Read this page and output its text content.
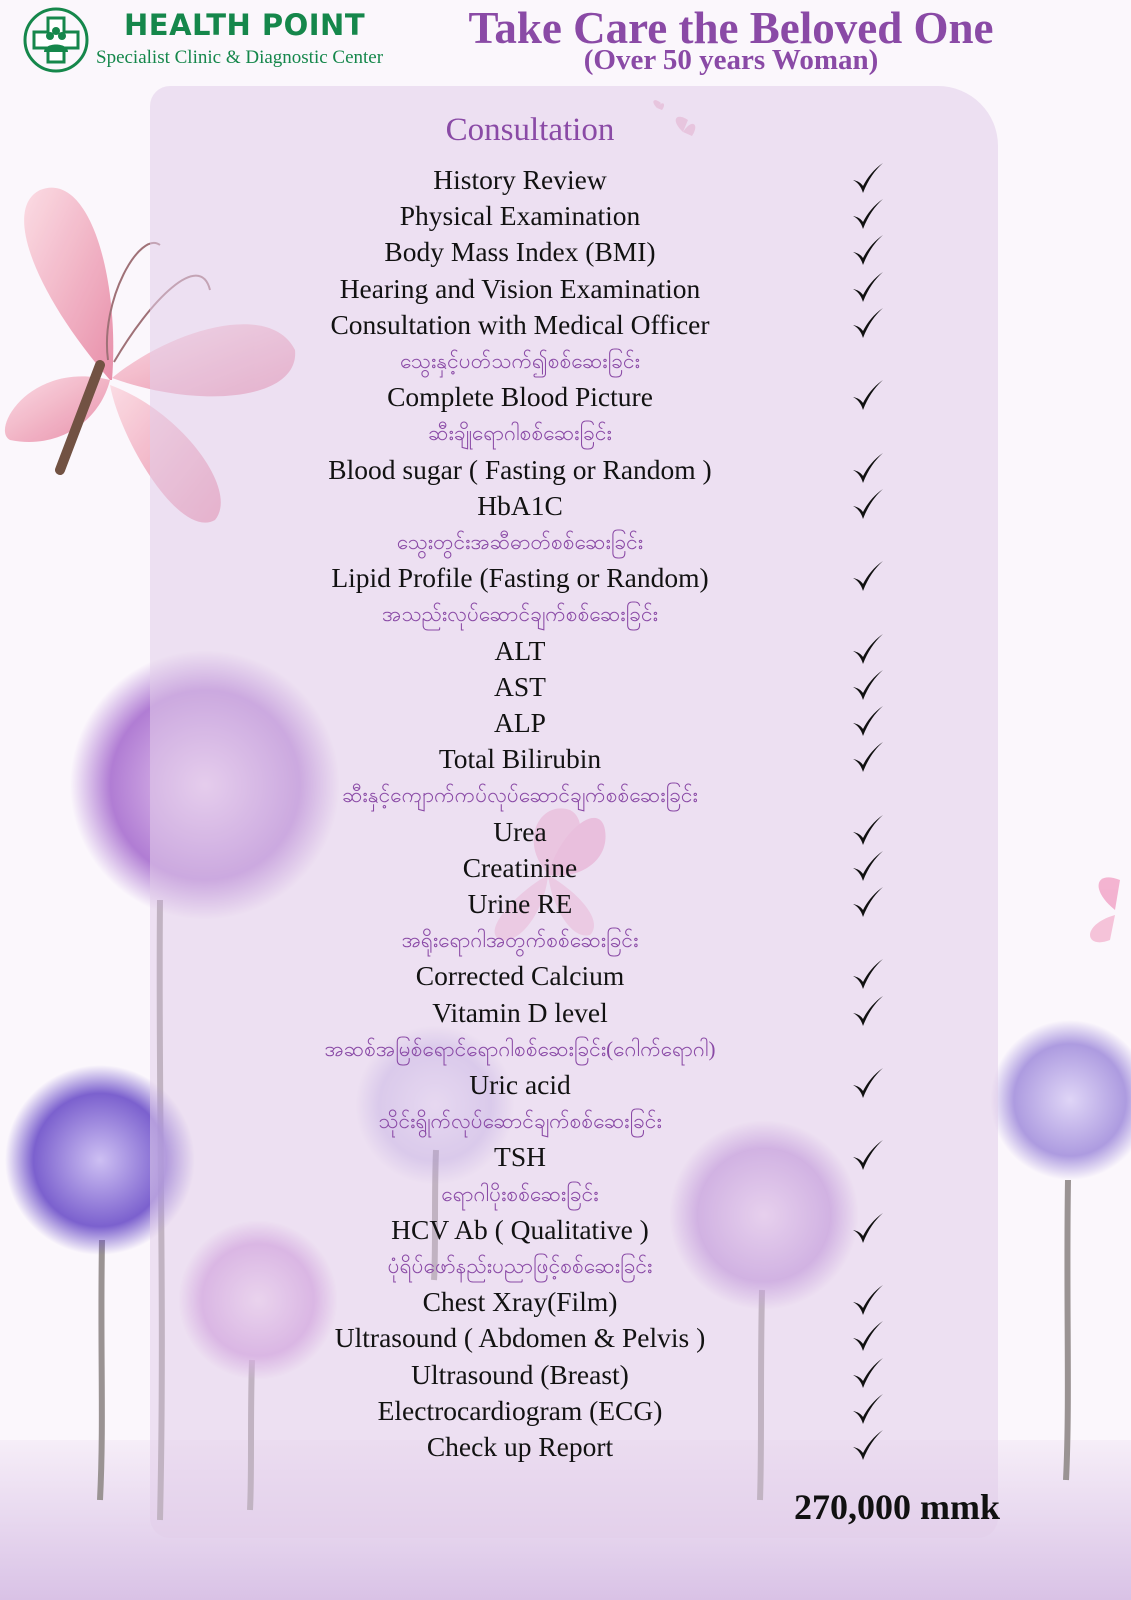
HEALTH POINT
Specialist Clinic & Diagnostic Center
Take Care the Beloved One
(Over 50 years Woman)
Consultation
History Review
Physical Examination
Body Mass Index (BMI)
Hearing and Vision Examination
Consultation with Medical Officer
သွေးနှင့်ပတ်သက်၍စစ်ဆေးခြင်း
Complete Blood Picture
ဆီးချိုရောဂါစစ်ဆေးခြင်း
Blood sugar ( Fasting or Random )
HbA1C
သွေးတွင်းအဆီဓာတ်စစ်ဆေးခြင်း
Lipid Profile (Fasting or Random)
အသည်းလုပ်ဆောင်ချက်စစ်ဆေးခြင်း
ALT
AST
ALP
Total Bilirubin
ဆီးနှင့်ကျောက်ကပ်လုပ်ဆောင်ချက်စစ်ဆေးခြင်း
Urea
Creatinine
Urine RE
အရိုးရောဂါအတွက်စစ်ဆေးခြင်း
Corrected Calcium
Vitamin D level
အဆစ်အမြစ်ရောင်ရောဂါစစ်ဆေးခြင်း(ဂေါက်ရောဂါ)
Uric acid
သိုင်းရွိုက်လုပ်ဆောင်ချက်စစ်ဆေးခြင်း
TSH
ရောဂါပိုးစစ်ဆေးခြင်း
HCV Ab ( Qualitative )
ပုံရိပ်ဖော်နည်းပညာဖြင့်စစ်ဆေးခြင်း
Chest Xray(Film)
Ultrasound ( Abdomen & Pelvis )
Ultrasound (Breast)
Electrocardiogram (ECG)
Check up Report
270,000 mmk
